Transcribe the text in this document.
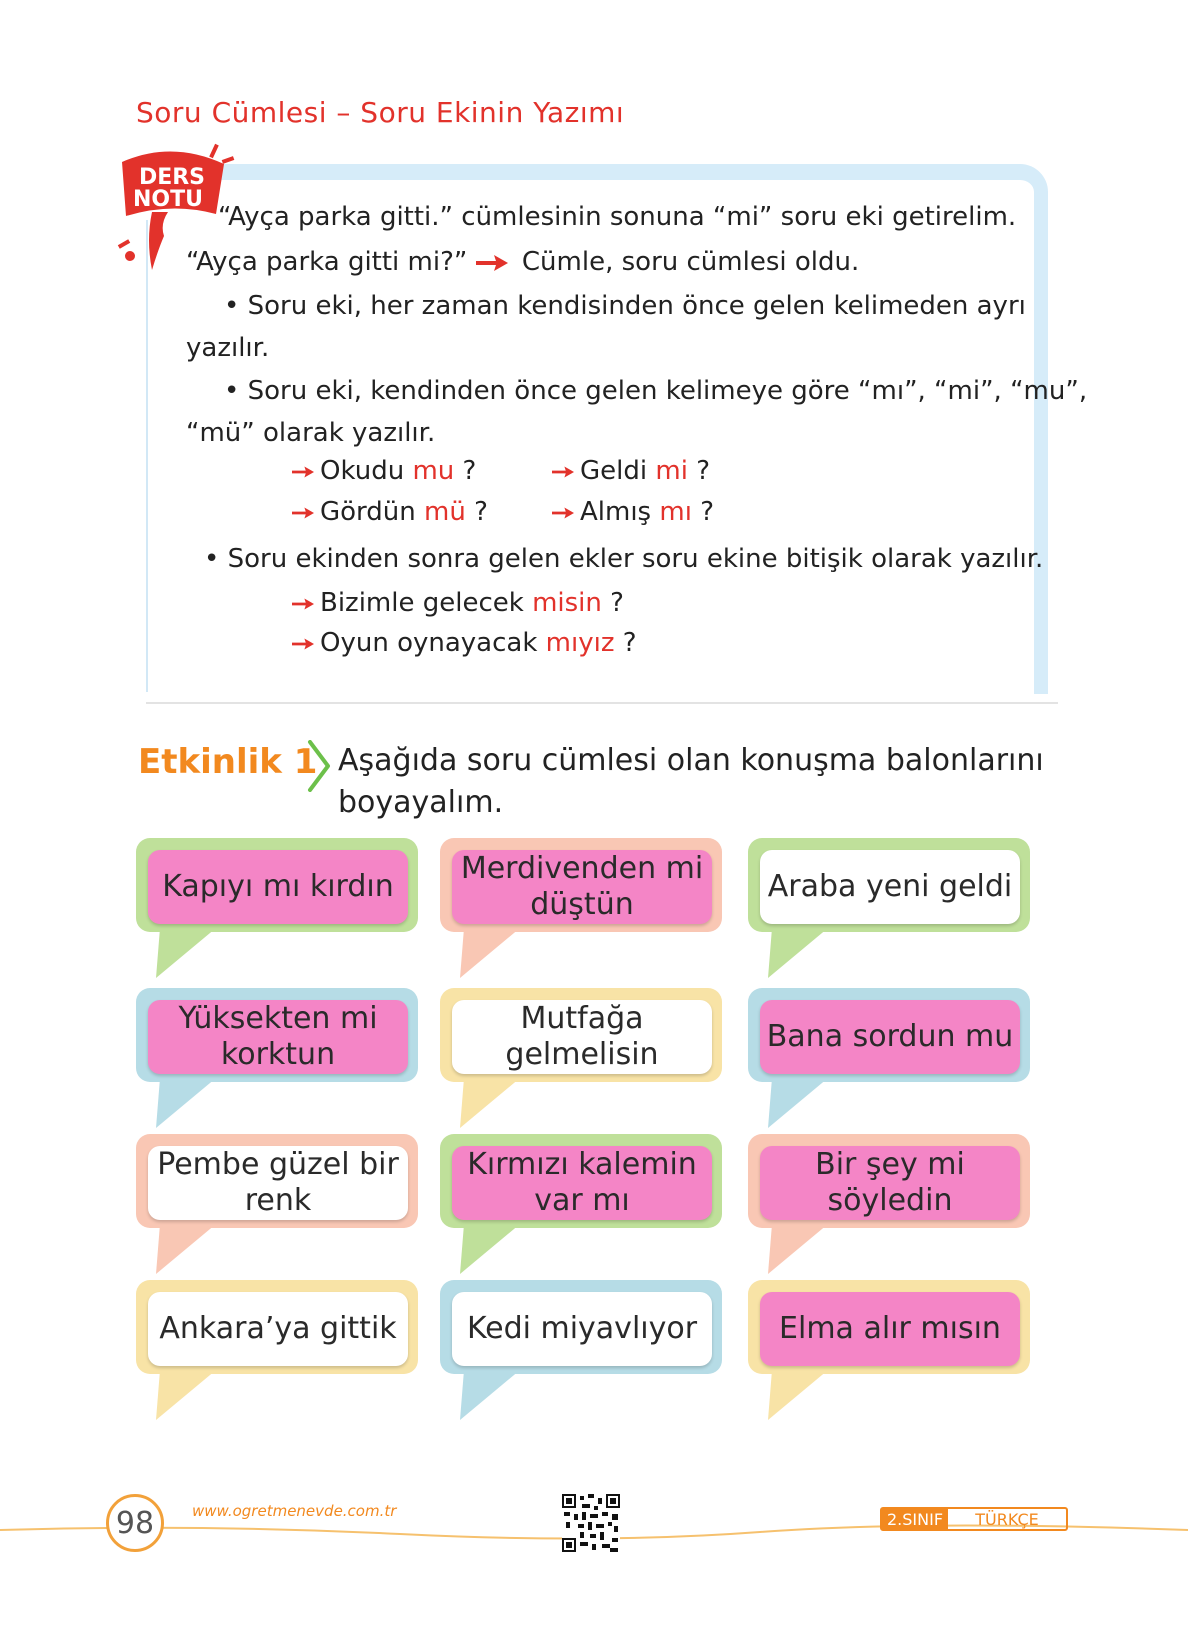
Soru Cümlesi – Soru Ekinin Yazımı
DERS
NOTU
“Ayça parka gitti.” cümlesinin sonuna “mi” soru eki getirelim.
“Ayça parka gitti mi?” Cümle, soru cümlesi oldu.
• Soru eki, her zaman kendisinden önce gelen kelimeden ayrı
yazılır.
• Soru eki, kendinden önce gelen kelimeye göre “mı”, “mi”, “mu”,
“mü” olarak yazılır.
Okudu mu ?	Geldi mi ?
Gördün mü ?	Almış mı ?
• Soru ekinden sonra gelen ekler soru ekine bitişik olarak yazılır.
Bizimle gelecek misin ?
Oyun oynayacak mıyız ?
Etkinlik 1 Aşağıda soru cümlesi olan konuşma balonlarını
boyayalım.
Kapıyı mı kırdın
Merdivenden mi düştün
Araba yeni geldi
Yüksekten mi korktun
Mutfağa gelmelisin
Bana sordun mu
Pembe güzel bir renk
Kırmızı kalemin var mı
Bir şey mi söyledin
Ankara’ya gittik	Kedi miyavlıyor	Elma alır mısın
98	www.ogretmenevde.com.tr	2.SINIF	TÜRKÇE
